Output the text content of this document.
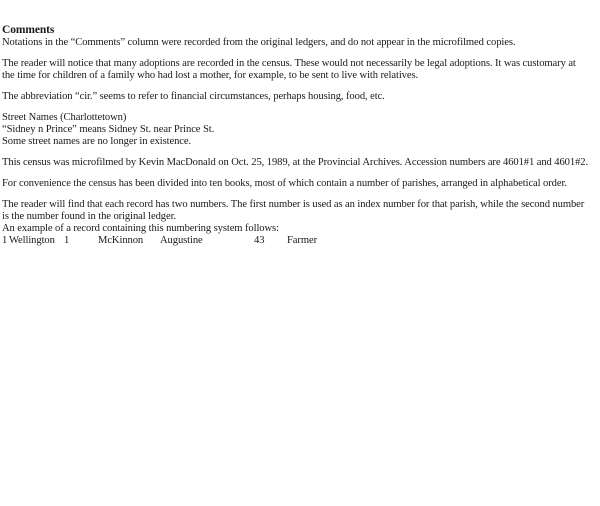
Comments

Notations in the “Comments” column were recorded from the original ledgers, and do not appear in the microfilmed copies.

The reader will notice that many adoptions are recorded in the census. These would not necessarily be legal adoptions. It was customary at

the time for children of a family who had lost a mother, for example, to be sent to live with relatives.

The abbreviation “cir.” seems to refer to financial circumstances, perhaps housing, food, etc.

Street Names (Charlottetown)

“Sidney n Prince” means Sidney St. near Prince St.

Some street names are no longer in existence.

This census was microfilmed by Kevin MacDonald on Oct. 25, 1989, at the Provincial Archives. Accession numbers are 4601#1 and 4601#2.

For convenience the census has been divided into ten books, most of which contain a number of parishes, arranged in alphabetical order.

The reader will find that each record has two numbers. The first number is used as an index number for that parish, while the second number

is the number found in the original ledger.

An example of a record containing this numbering system follows:

1 Wellington 1	McKinnon Augustine	43 Farmer
